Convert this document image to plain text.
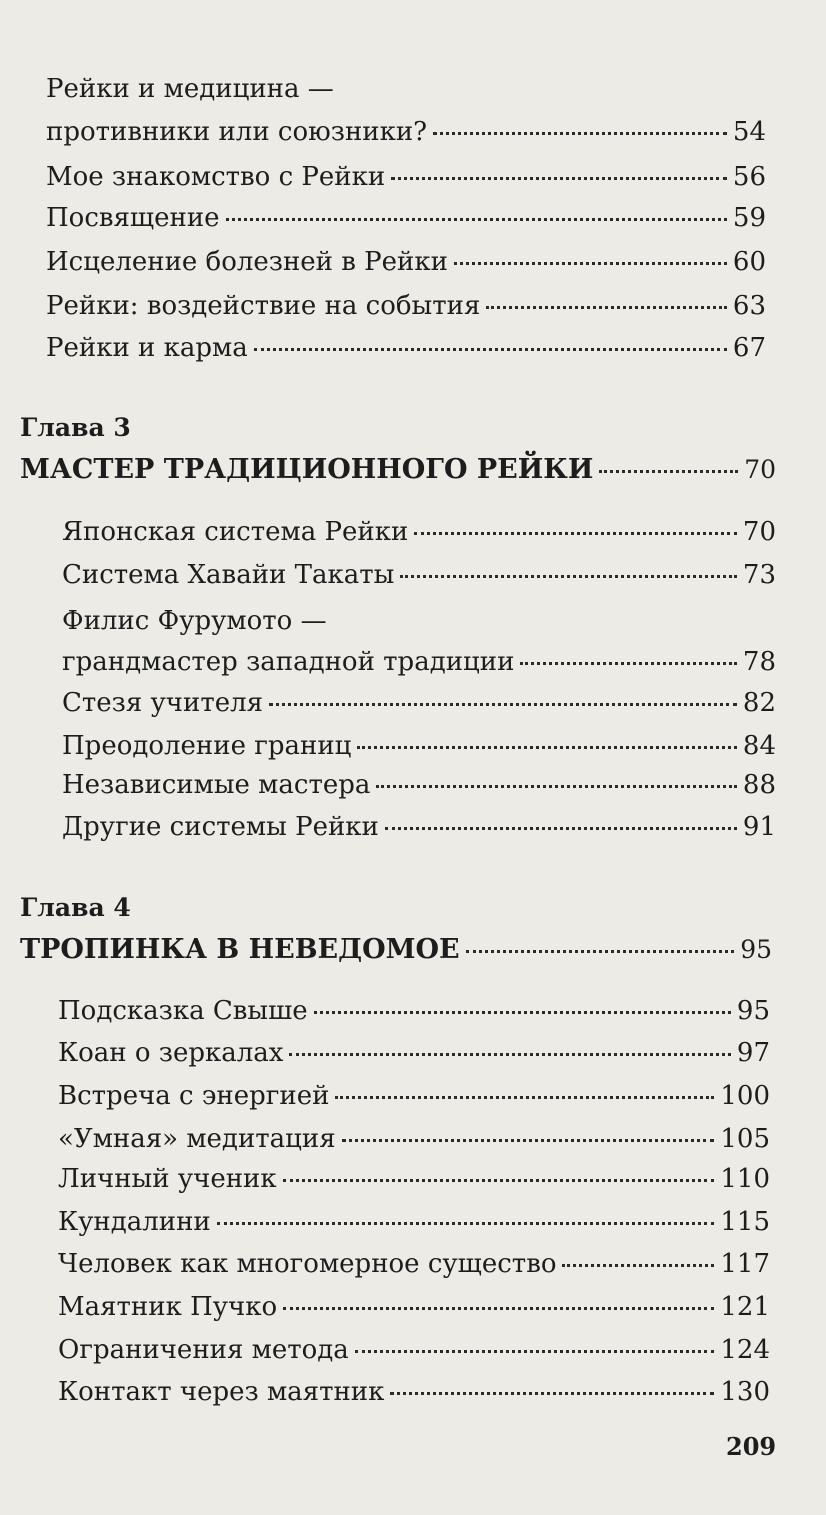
Рейки и медицина —
противники или союзники?	54
Мое знакомство с Рейки	56
Посвящение	59
Исцеление болезней в Рейки	60
Рейки: воздействие на события	63
Рейки и карма	67
Глава 3
МАСТЕР ТРАДИЦИОННОГО РЕЙКИ	70
Японская система Рейки	70
Система Хавайи Такаты	73
Филис Фурумото —
грандмастер западной традиции	78
Стезя учителя	82
Преодоление границ	84
Независимые мастера	88
Другие системы Рейки	91
Глава 4
ТРОПИНКА В НЕВЕДОМОЕ	95
Подсказка Свыше	95
Коан о зеркалах	97
Встреча с энергией	100
«Умная» медитация	105
Личный ученик	110
Кундалини	115
Человек как многомерное существо	117
Маятник Пучко	121
Ограничения метода	124
Контакт через маятник	130
209
